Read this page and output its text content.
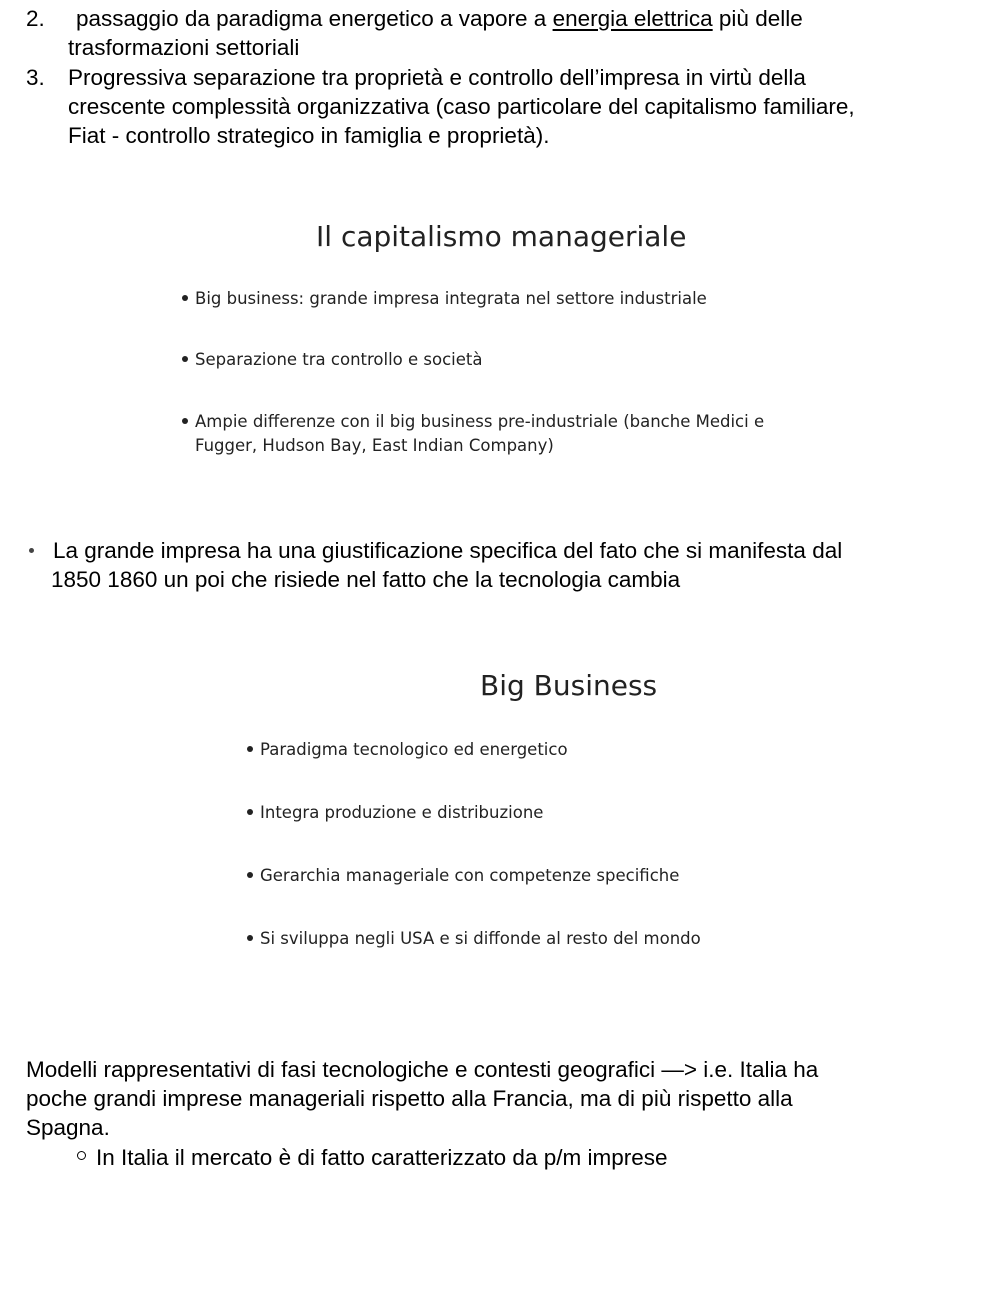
2. passaggio da paradigma energetico a vapore a energia elettrica più delle
trasformazioni settoriali
3. Progressiva separazione tra proprietà e controllo dell’impresa in virtù della
crescente complessità organizzativa (caso particolare del capitalismo familiare,
Fiat - controllo strategico in famiglia e proprietà).
Il capitalismo manageriale
Big business: grande impresa integrata nel settore industriale
Separazione tra controllo e società
Ampie differenze con il big business pre-industriale (banche Medici e
Fugger, Hudson Bay, East Indian Company)
La grande impresa ha una giustificazione specifica del fato che si manifesta dal
1850 1860 un poi che risiede nel fatto che la tecnologia cambia
Big Business
Paradigma tecnologico ed energetico
Integra produzione e distribuzione
Gerarchia manageriale con competenze specifiche
Si sviluppa negli USA e si diffonde al resto del mondo
Modelli rappresentativi di fasi tecnologiche e contesti geografici —> i.e. Italia ha
poche grandi imprese manageriali rispetto alla Francia, ma di più rispetto alla
Spagna.
In Italia il mercato è di fatto caratterizzato da p/m imprese
